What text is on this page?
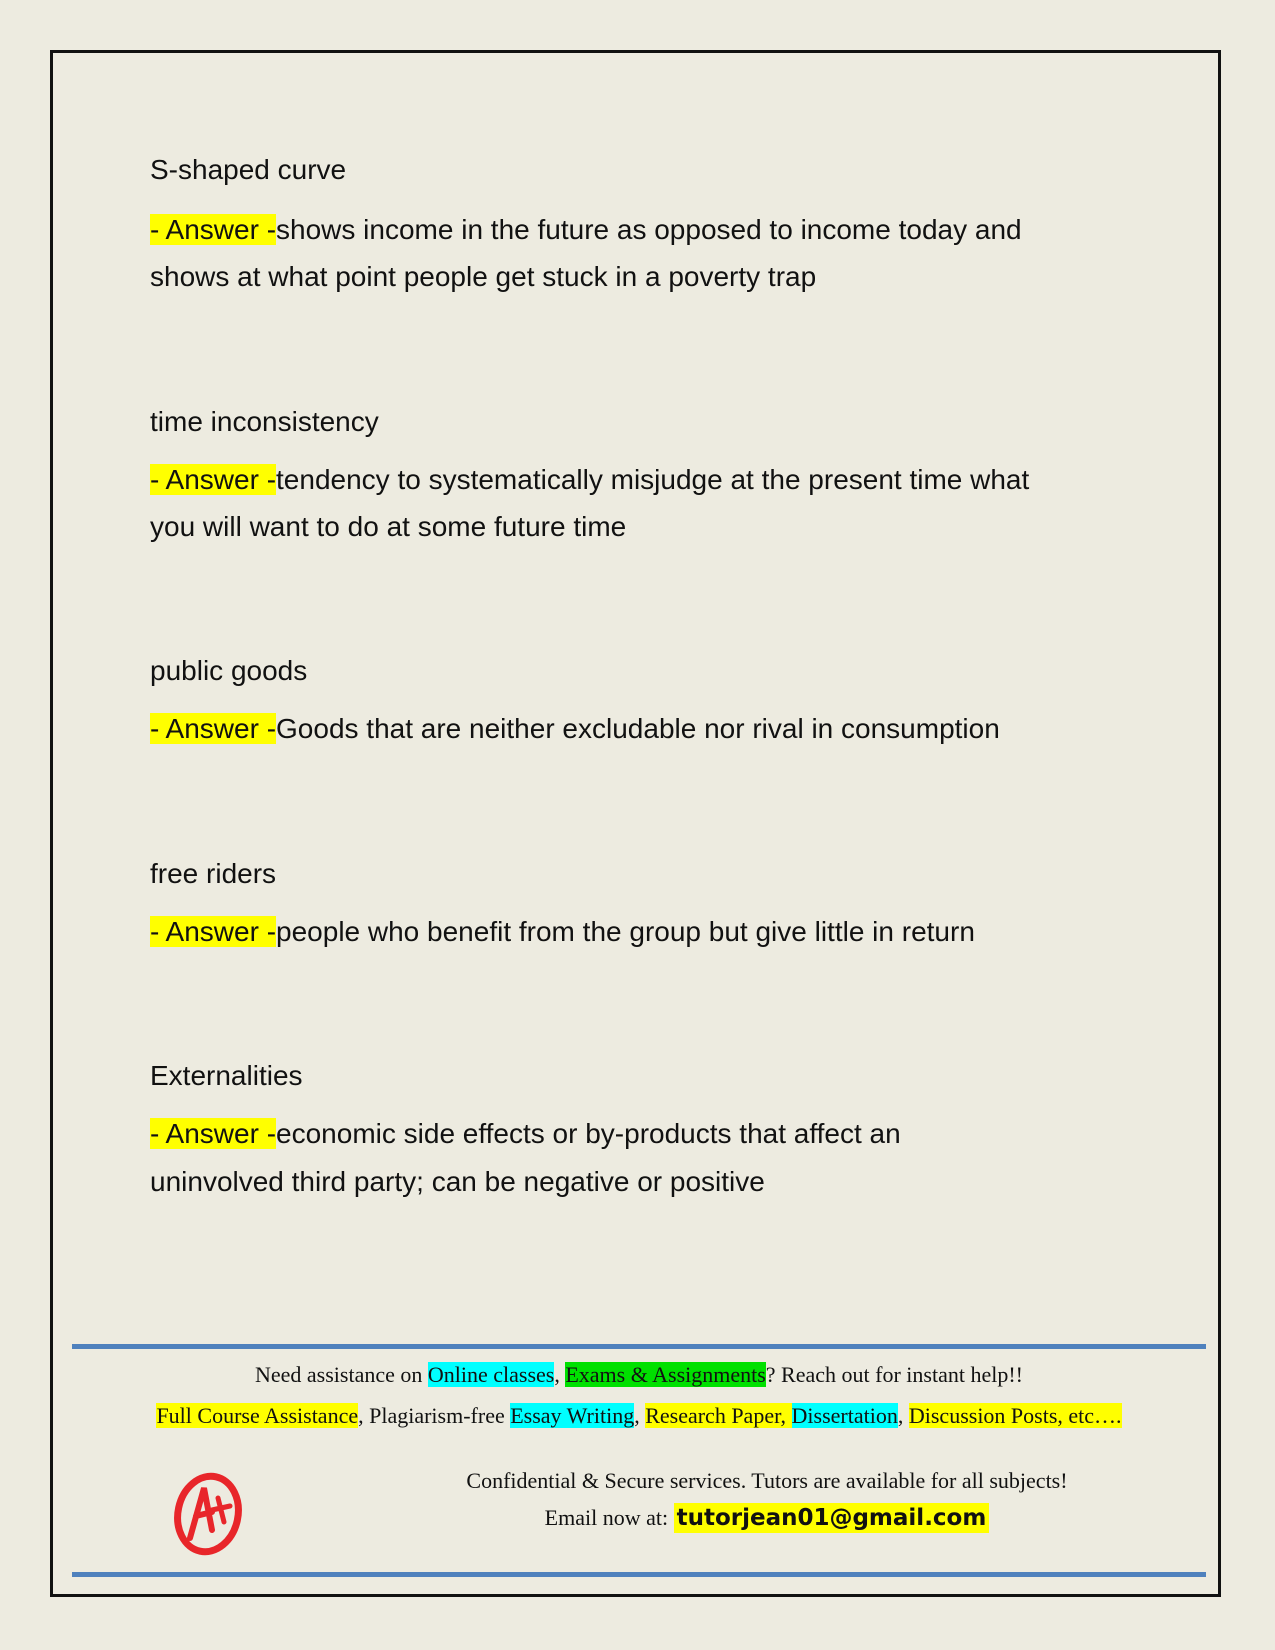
S-shaped curve
- Answer -shows income in the future as opposed to income today and
shows at what point people get stuck in a poverty trap
time inconsistency
- Answer -tendency to systematically misjudge at the present time what
you will want to do at some future time
public goods
- Answer -Goods that are neither excludable nor rival in consumption
free riders
- Answer -people who benefit from the group but give little in return
Externalities
- Answer -economic side effects or by-products that affect an
uninvolved third party; can be negative or positive
Need assistance on Online classes, Exams & Assignments? Reach out for instant help!!
Full Course Assistance, Plagiarism-free Essay Writing, Research Paper, Dissertation, Discussion Posts, etc….
Confidential & Secure services. Tutors are available for all subjects!
Email now at: tutorjean01@gmail.com
